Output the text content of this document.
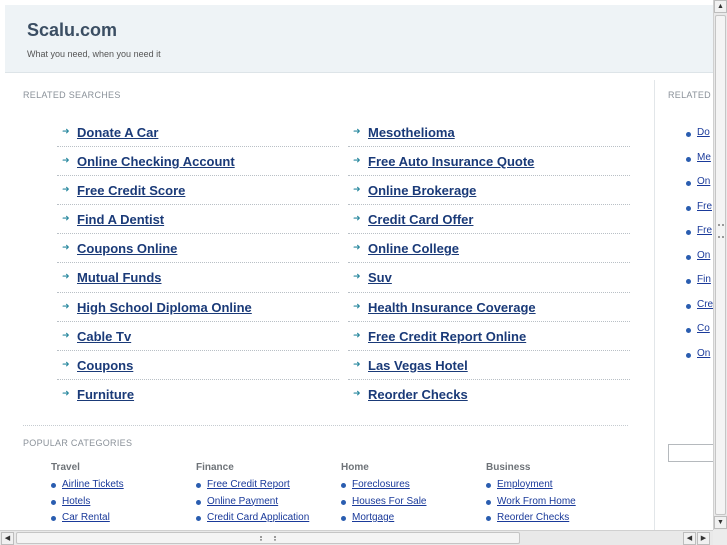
Scalu.com
What you need, when you need it
RELATED SEARCHES
➜ Donate A Car
➜ Online Checking Account
➜ Free Credit Score
➜ Find A Dentist
➜ Coupons Online
➜ Mutual Funds
➜ High School Diploma Online
➜ Cable Tv
➜ Coupons
➜ Furniture
➜ Mesothelioma
➜ Free Auto Insurance Quote
➜ Online Brokerage
➜ Credit Card Offer
➜ Online College
➜ Suv
➜ Health Insurance Coverage
➜ Free Credit Report Online
➜ Las Vegas Hotel
➜ Reorder Checks
POPULAR CATEGORIES
Travel
Airline Tickets
Hotels
Car Rental
Finance
Free Credit Report
Online Payment
Credit Card Application
Home
Foreclosures
Houses For Sale
Mortgage
Business
Employment
Work From Home
Reorder Checks
RELATED
Do
Me
On
Fre
Fre
On
Fin
Cre
Co
On
▲
▼
◀	◀	▶
